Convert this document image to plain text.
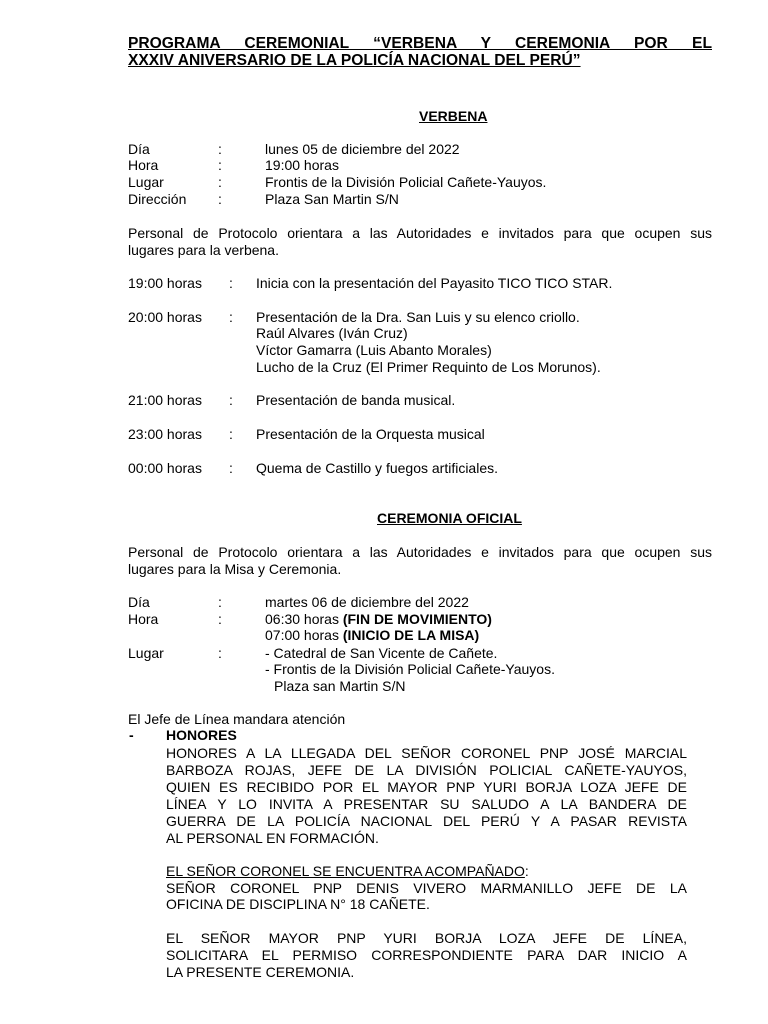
PROGRAMA CEREMONIAL “VERBENA Y CEREMONIA POR EL
XXXIV ANIVERSARIO DE LA POLICÍA NACIONAL DEL PERÚ”
VERBENA
Día	:	lunes 05 de diciembre del 2022
Hora	:	19:00 horas
Lugar	:	Frontis de la División Policial Cañete-Yauyos.
Dirección :	Plaza San Martin S/N
Personal de Protocolo orientara a las Autoridades e invitados para que ocupen sus
lugares para la verbena.
19:00 horas : Inicia con la presentación del Payasito TICO TICO STAR.
20:00 horas : Presentación de la Dra. San Luis y su elenco criollo.
Raúl Alvares (Iván Cruz)
Víctor Gamarra (Luis Abanto Morales)
Lucho de la Cruz (El Primer Requinto de Los Morunos).
21:00 horas : Presentación de banda musical.
23:00 horas : Presentación de la Orquesta musical
00:00 horas : Quema de Castillo y fuegos artificiales.
CEREMONIA OFICIAL
Personal de Protocolo orientara a las Autoridades e invitados para que ocupen sus
lugares para la Misa y Ceremonia.
Día	:	martes 06 de diciembre del 2022
Hora	:	06:30 horas (FIN DE MOVIMIENTO)
07:00 horas (INICIO DE LA MISA)
Lugar	:	- Catedral de San Vicente de Cañete.
- Frontis de la División Policial Cañete-Yauyos.
Plaza san Martin S/N
El Jefe de Línea mandara atención
- HONORES
HONORES A LA LLEGADA DEL SEÑOR CORONEL PNP JOSÉ MARCIAL
BARBOZA ROJAS, JEFE DE LA DIVISIÓN POLICIAL CAÑETE-YAUYOS,
QUIEN ES RECIBIDO POR EL MAYOR PNP YURI BORJA LOZA JEFE DE
LÍNEA Y LO INVITA A PRESENTAR SU SALUDO A LA BANDERA DE
GUERRA DE LA POLICÍA NACIONAL DEL PERÚ Y A PASAR REVISTA
AL PERSONAL EN FORMACIÓN.
EL SEÑOR CORONEL SE ENCUENTRA ACOMPAÑADO:
SEÑOR CORONEL PNP DENIS VIVERO MARMANILLO JEFE DE LA
OFICINA DE DISCIPLINA N° 18 CAÑETE.
EL SEÑOR MAYOR PNP YURI BORJA LOZA JEFE DE LÍNEA,
SOLICITARA EL PERMISO CORRESPONDIENTE PARA DAR INICIO A
LA PRESENTE CEREMONIA.
